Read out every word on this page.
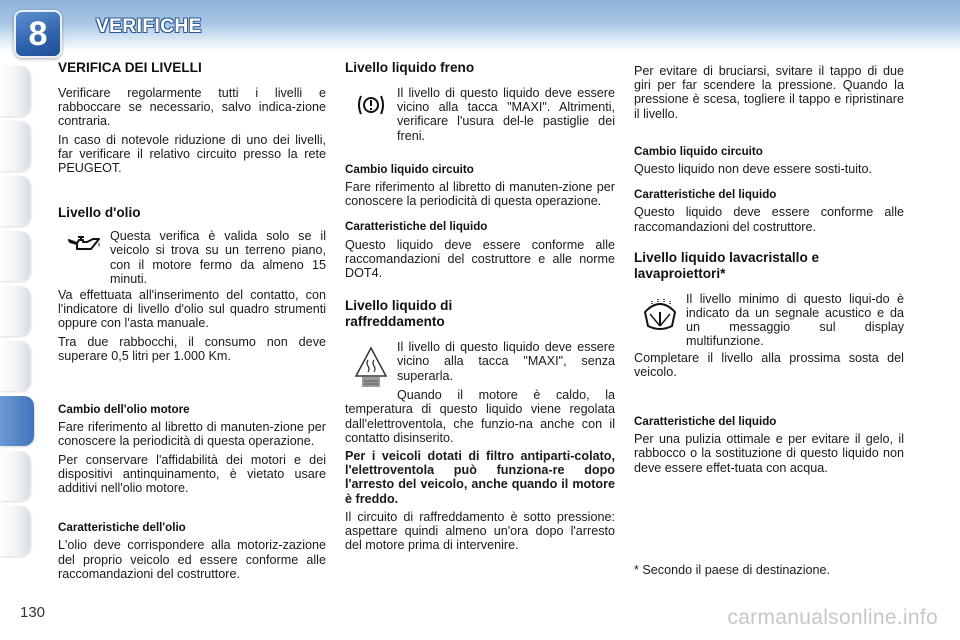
8	VERIFICHE
130	carmanualsonline.info
VERIFICA DEI LIVELLI

Verificare regolarmente tutti i livelli e rabboccare se necessario, salvo indica-zione contraria.

In caso di notevole riduzione di uno dei livelli, far verificare il relativo circuito presso la rete PEUGEOT.

Livello d'olio

Questa verifica è valida solo se il veicolo si trova su un terreno piano, con il motore fermo da almeno 15 minuti.

Va effettuata all'inserimento del contatto, con l'indicatore di livello d'olio sul quadro strumenti oppure con l'asta manuale.

Tra due rabbocchi, il consumo non deve superare 0,5 litri per 1.000 Km.

Cambio dell'olio motore

Fare riferimento al libretto di manuten-zione per conoscere la periodicità di questa operazione.

Per conservare l'affidabilità dei motori e dei dispositivi antinquinamento, è vietato usare additivi nell'olio motore.

Caratteristiche dell'olio

L'olio deve corrispondere alla motoriz-zazione del proprio veicolo ed essere conforme alle raccomandazioni del costruttore.

Livello liquido freno

Il livello di questo liquido deve essere vicino alla tacca "MAXI". Altrimenti, verificare l'usura del-le pastiglie dei freni.

Cambio liquido circuito

Fare riferimento al libretto di manuten-zione per conoscere la periodicità di questa operazione.

Caratteristiche del liquido

Questo liquido deve essere conforme alle raccomandazioni del costruttore e alle norme DOT4.

Livello liquido di raffreddamento

Il livello di questo liquido deve essere vicino alla tacca "MAXI", senza superarla.

Quando il motore è caldo, la temperatura di questo liquido viene regolata dall'elettroventola, che funzio-na anche con il contatto disinserito.

Per i veicoli dotati di filtro antiparti-colato, l'elettroventola può funziona-re dopo l'arresto del veicolo, anche quando il motore è freddo.

Il circuito di raffreddamento è sotto pressione: aspettare quindi almeno un'ora dopo l'arresto del motore prima di intervenire.

Per evitare di bruciarsi, svitare il tappo di due giri per far scendere la pressione. Quando la pressione è scesa, togliere il tappo e ripristinare il livello.

Cambio liquido circuito

Questo liquido non deve essere sosti-tuito.

Caratteristiche del liquido

Questo liquido deve essere conforme alle raccomandazioni del costruttore.

Livello liquido lavacristallo e lavaproiettori*

Il livello minimo di questo liqui-do è indicato da un segnale acustico e da un messaggio sul display multifunzione.

Completare il livello alla prossima sosta del veicolo.

Caratteristiche del liquido

Per una pulizia ottimale e per evitare il gelo, il rabbocco o la sostituzione di questo liquido non deve essere effet-tuata con acqua.

* Secondo il paese di destinazione.
